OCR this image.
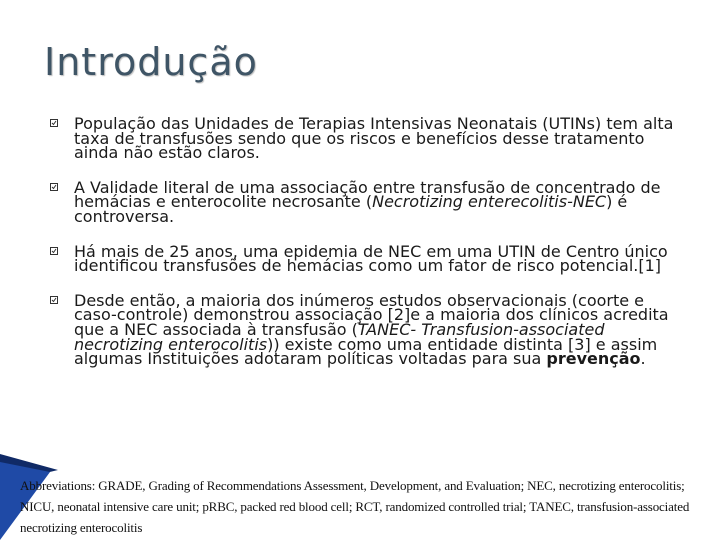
Introdução
População das Unidades de Terapias Intensivas Neonatais (UTINs) tem alta taxa de transfusões sendo que os riscos e benefícios desse tratamento ainda não estão claros.
A Validade literal de uma associação entre transfusão de concentrado de hemácias e enterocolite necrosante (Necrotizing enterecolitis-NEC) é controversa.
Há mais de 25 anos, uma epidemia de NEC em uma UTIN de Centro único identificou transfusões de hemácias como um fator de risco potencial.[1]
Desde então, a maioria dos inúmeros estudos observacionais (coorte e caso-controle) demonstrou associação [2]e a maioria dos clínicos acredita que a NEC associada à transfusão (TANEC- Transfusion-associated necrotizing enterocolitis)) existe como uma entidade distinta [3] e assim algumas Instituições adotaram políticas voltadas para sua prevenção.
Abbreviations: GRADE, Grading of Recommendations Assessment, Development, and Evaluation; NEC, necrotizing enterocolitis;
NICU, neonatal intensive care unit; pRBC, packed red blood cell; RCT, randomized controlled trial; TANEC, transfusion-associated
necrotizing enterocolitis
